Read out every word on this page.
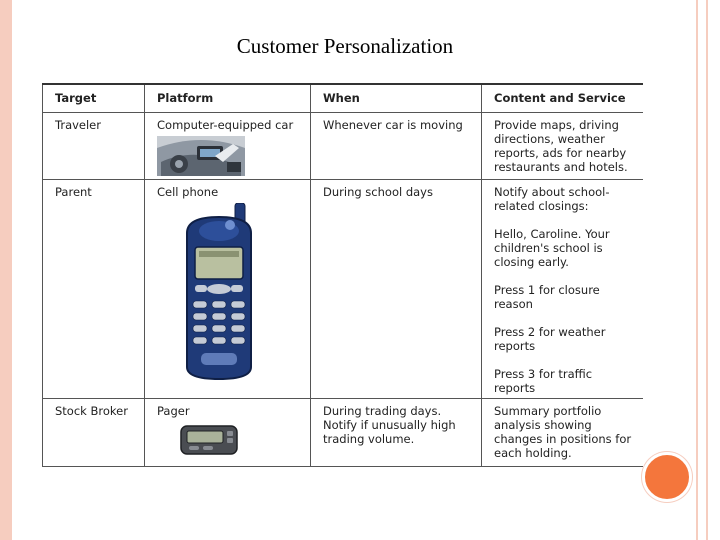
Customer Personalization
Target	Platform	When	Content and Service
Traveler	Computer-equipped car	Whenever car is moving	Provide maps, driving directions, weather reports, ads for nearby restaurants and hotels.

Parent	Cell phone	During school days	Notify about school-related closings:
Hello, Caroline. Your children's school is closing early.
Press 1 for closure reason
Press 2 for weather reports
Press 3 for traffic reports

Stock Broker	Pager	During trading days. Notify if unusually high trading volume.	Summary portfolio analysis showing changes in positions for each holding.
